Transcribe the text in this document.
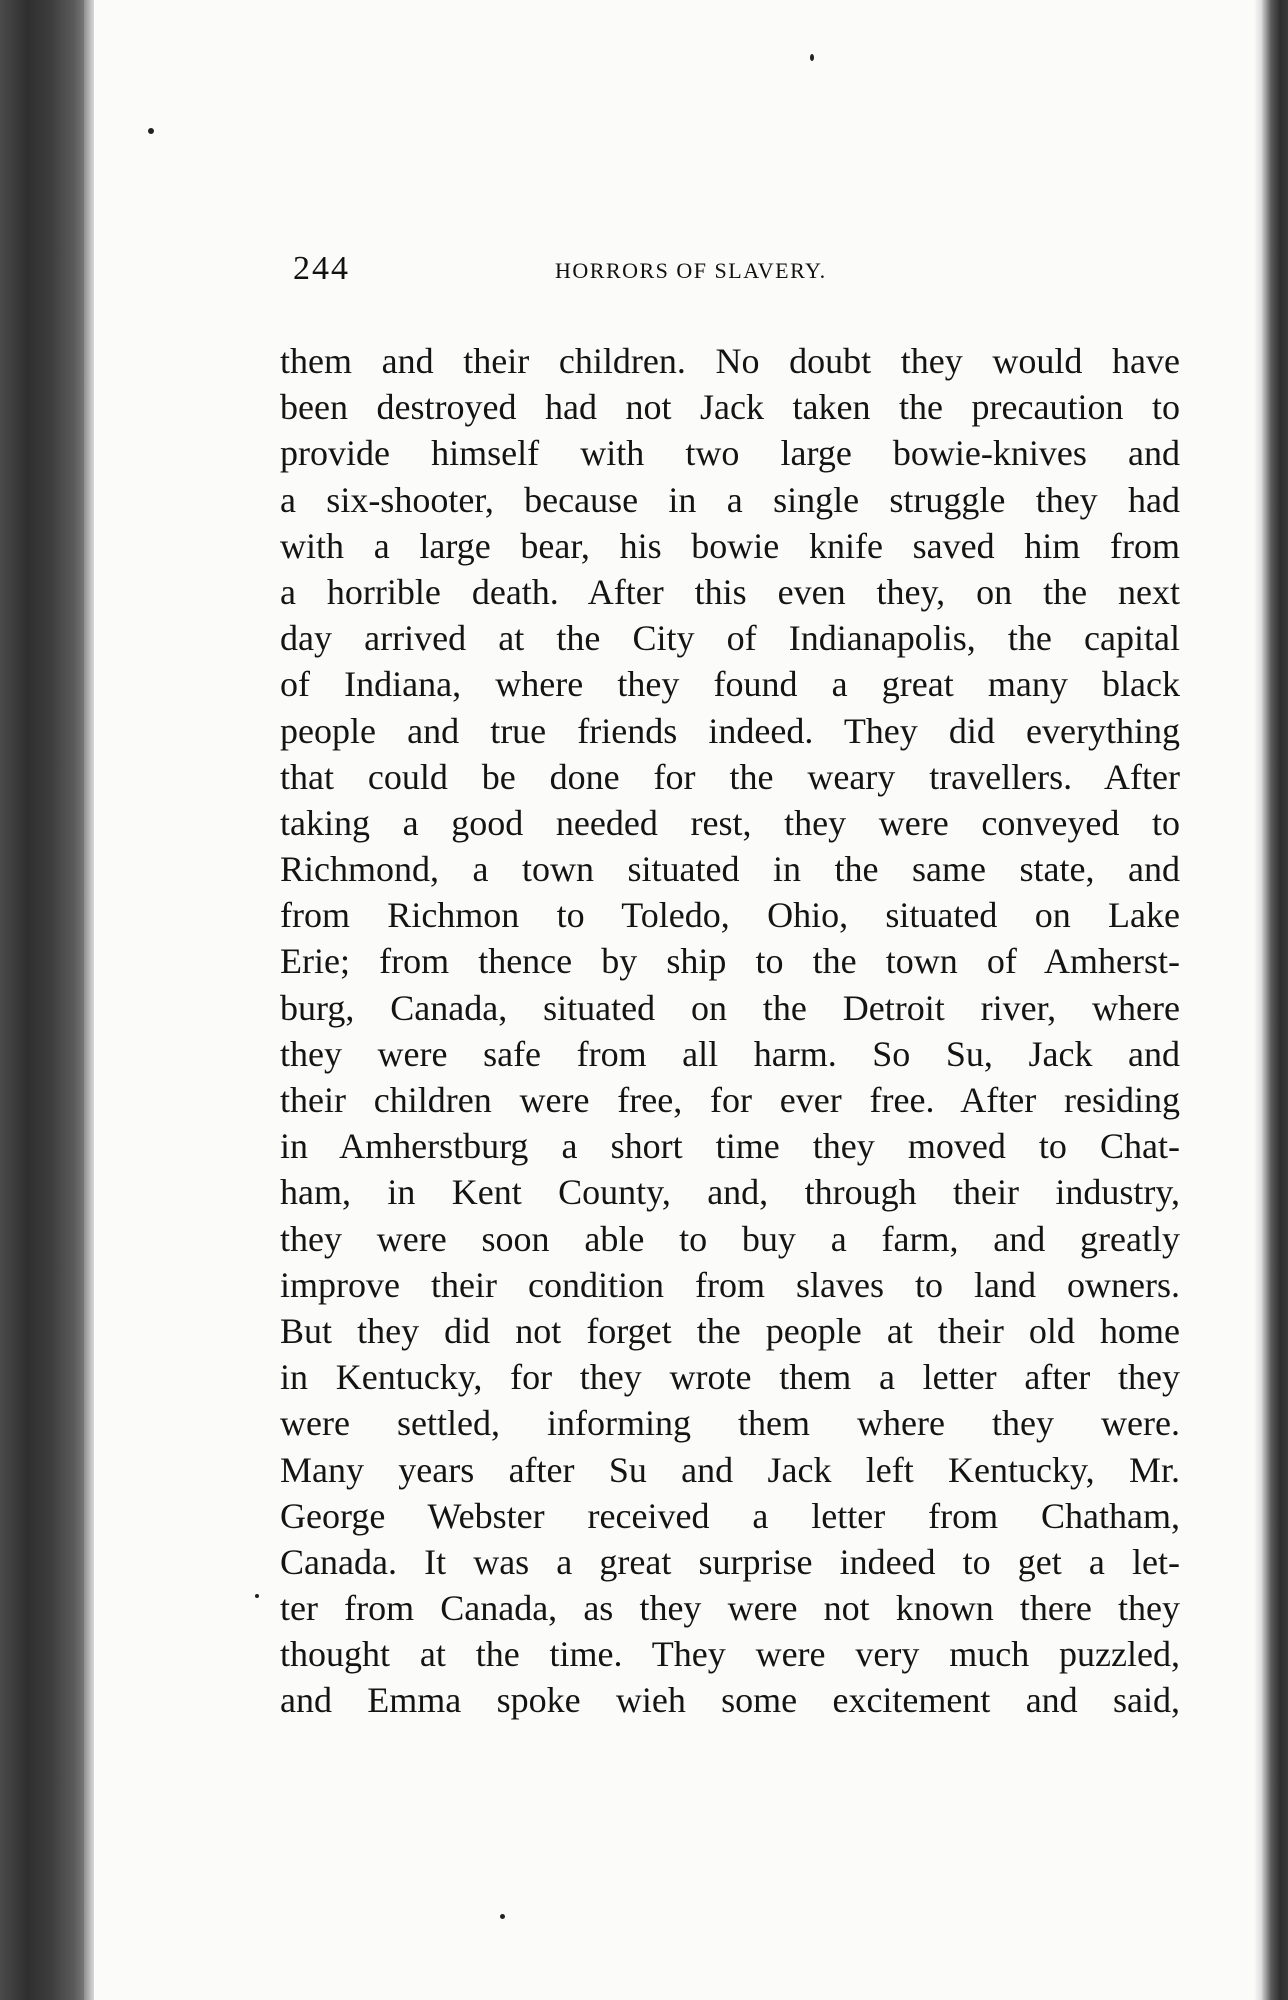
244	HORRORS OF SLAVERY.
them and their children. No doubt they would have
been destroyed had not Jack taken the precaution to
provide himself with two large bowie-knives and
a six-shooter, because in a single struggle they had
with a large bear, his bowie knife saved him from
a horrible death. After this even they, on the next
day arrived at the City of Indianapolis, the capital
of Indiana, where they found a great many black
people and true friends indeed. They did everything
that could be done for the weary travellers. After
taking a good needed rest, they were conveyed to
Richmond, a town situated in the same state, and
from Richmon to Toledo, Ohio, situated on Lake
Erie; from thence by ship to the town of Amherst-
burg, Canada, situated on the Detroit river, where
they were safe from all harm. So Su, Jack and
their children were free, for ever free. After residing
in Amherstburg a short time they moved to Chat-
ham, in Kent County, and, through their industry,
they were soon able to buy a farm, and greatly
improve their condition from slaves to land owners.
But they did not forget the people at their old home
in Kentucky, for they wrote them a letter after they
were settled, informing them where they were.
Many years after Su and Jack left Kentucky, Mr.
George Webster received a letter from Chatham,
Canada. It was a great surprise indeed to get a let-
ter from Canada, as they were not known there they
thought at the time. They were very much puzzled,
and Emma spoke wieh some excitement and said,
